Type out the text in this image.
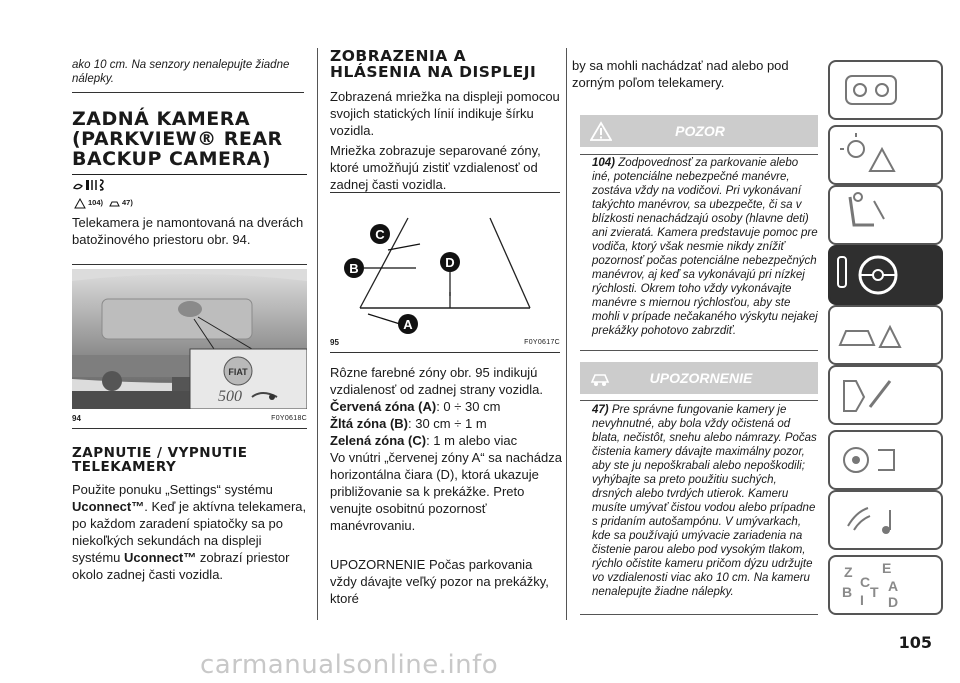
ako 10 cm. Na senzory nenalepujte žiadne nálepky.
ZADNÁ KAMERA (PARKVIEW® REAR BACKUP CAMERA)
104)	47)
Telekamera je namontovaná na dverách batožinového priestoru obr. 94.
FIAT
500
94	F0Y0618C
ZAPNUTIE / VYPNUTIE TELEKAMERY
Použite ponuku „Settings“ systému Uconnect™. Keď je aktívna telekamera, po každom zaradení spiatočky sa po niekoľkých sekundách na displeji systému Uconnect™ zobrazí priestor okolo zadnej časti vozidla.
ZOBRAZENIA A HLÁSENIA NA DISPLEJI
Zobrazená mriežka na displeji pomocou svojich statických línií indikuje šírku vozidla.
Mriežka zobrazuje separované zóny, ktoré umožňujú zistiť vzdialenosť od zadnej časti vozidla.
C
B	D
A
95	F0Y0617C
Rôzne farebné zóny obr. 95 indikujú vzdialenosť od zadnej strany vozidla.
Červená zóna (A): 0 ÷ 30 cm
Žltá zóna (B): 30 cm ÷ 1 m
Zelená zóna (C): 1 m alebo viac
Vo vnútri „červenej zóny A“ sa nachádza horizontálna čiara (D), ktorá ukazuje približovanie sa k prekážke. Preto venujte osobitnú pozornosť manévrovaniu.
UPOZORNENIE Počas parkovania vždy dávajte veľký pozor na prekážky, ktoré
by sa mohli nachádzať nad alebo pod zorným poľom telekamery.
POZOR
104) Zodpovednosť za parkovanie alebo iné, potenciálne nebezpečné manévre, zostáva vždy na vodičovi. Pri vykonávaní takýchto manévrov, sa ubezpečte, či sa v blízkosti nenachádzajú osoby (hlavne deti) ani zvieratá. Kamera predstavuje pomoc pre vodiča, ktorý však nesmie nikdy znížiť pozornosť počas potenciálne nebezpečných manévrov, aj keď sa vykonávajú pri nízkej rýchlosti. Okrem toho vždy vykonávajte manévre s miernou rýchlosťou, aby ste mohli v prípade nečakaného výskytu nejakej prekážky pohotovo zabrzdiť.
UPOZORNENIE
47) Pre správne fungovanie kamery je nevyhnutné, aby bola vždy očistená od blata, nečistôt, snehu alebo námrazy. Počas čistenia kamery dávajte maximálny pozor, aby ste ju nepoškrabali alebo nepoškodili; vyhýbajte sa preto použitiu suchých, drsných alebo tvrdých utierok. Kameru musíte umývať čistou vodou alebo prípadne s pridaním autošampónu. V umývarkach, kde sa používajú umývacie zariadenia na čistenie parou alebo pod vysokým tlakom, rýchlo očistite kameru pričom dýzu udržujte vo vzdialenosti viac ako 10 cm. Na kameru nenalepujte žiadne nálepky.
Z E
C
B I T A
D
105
carmanualsonline.info
